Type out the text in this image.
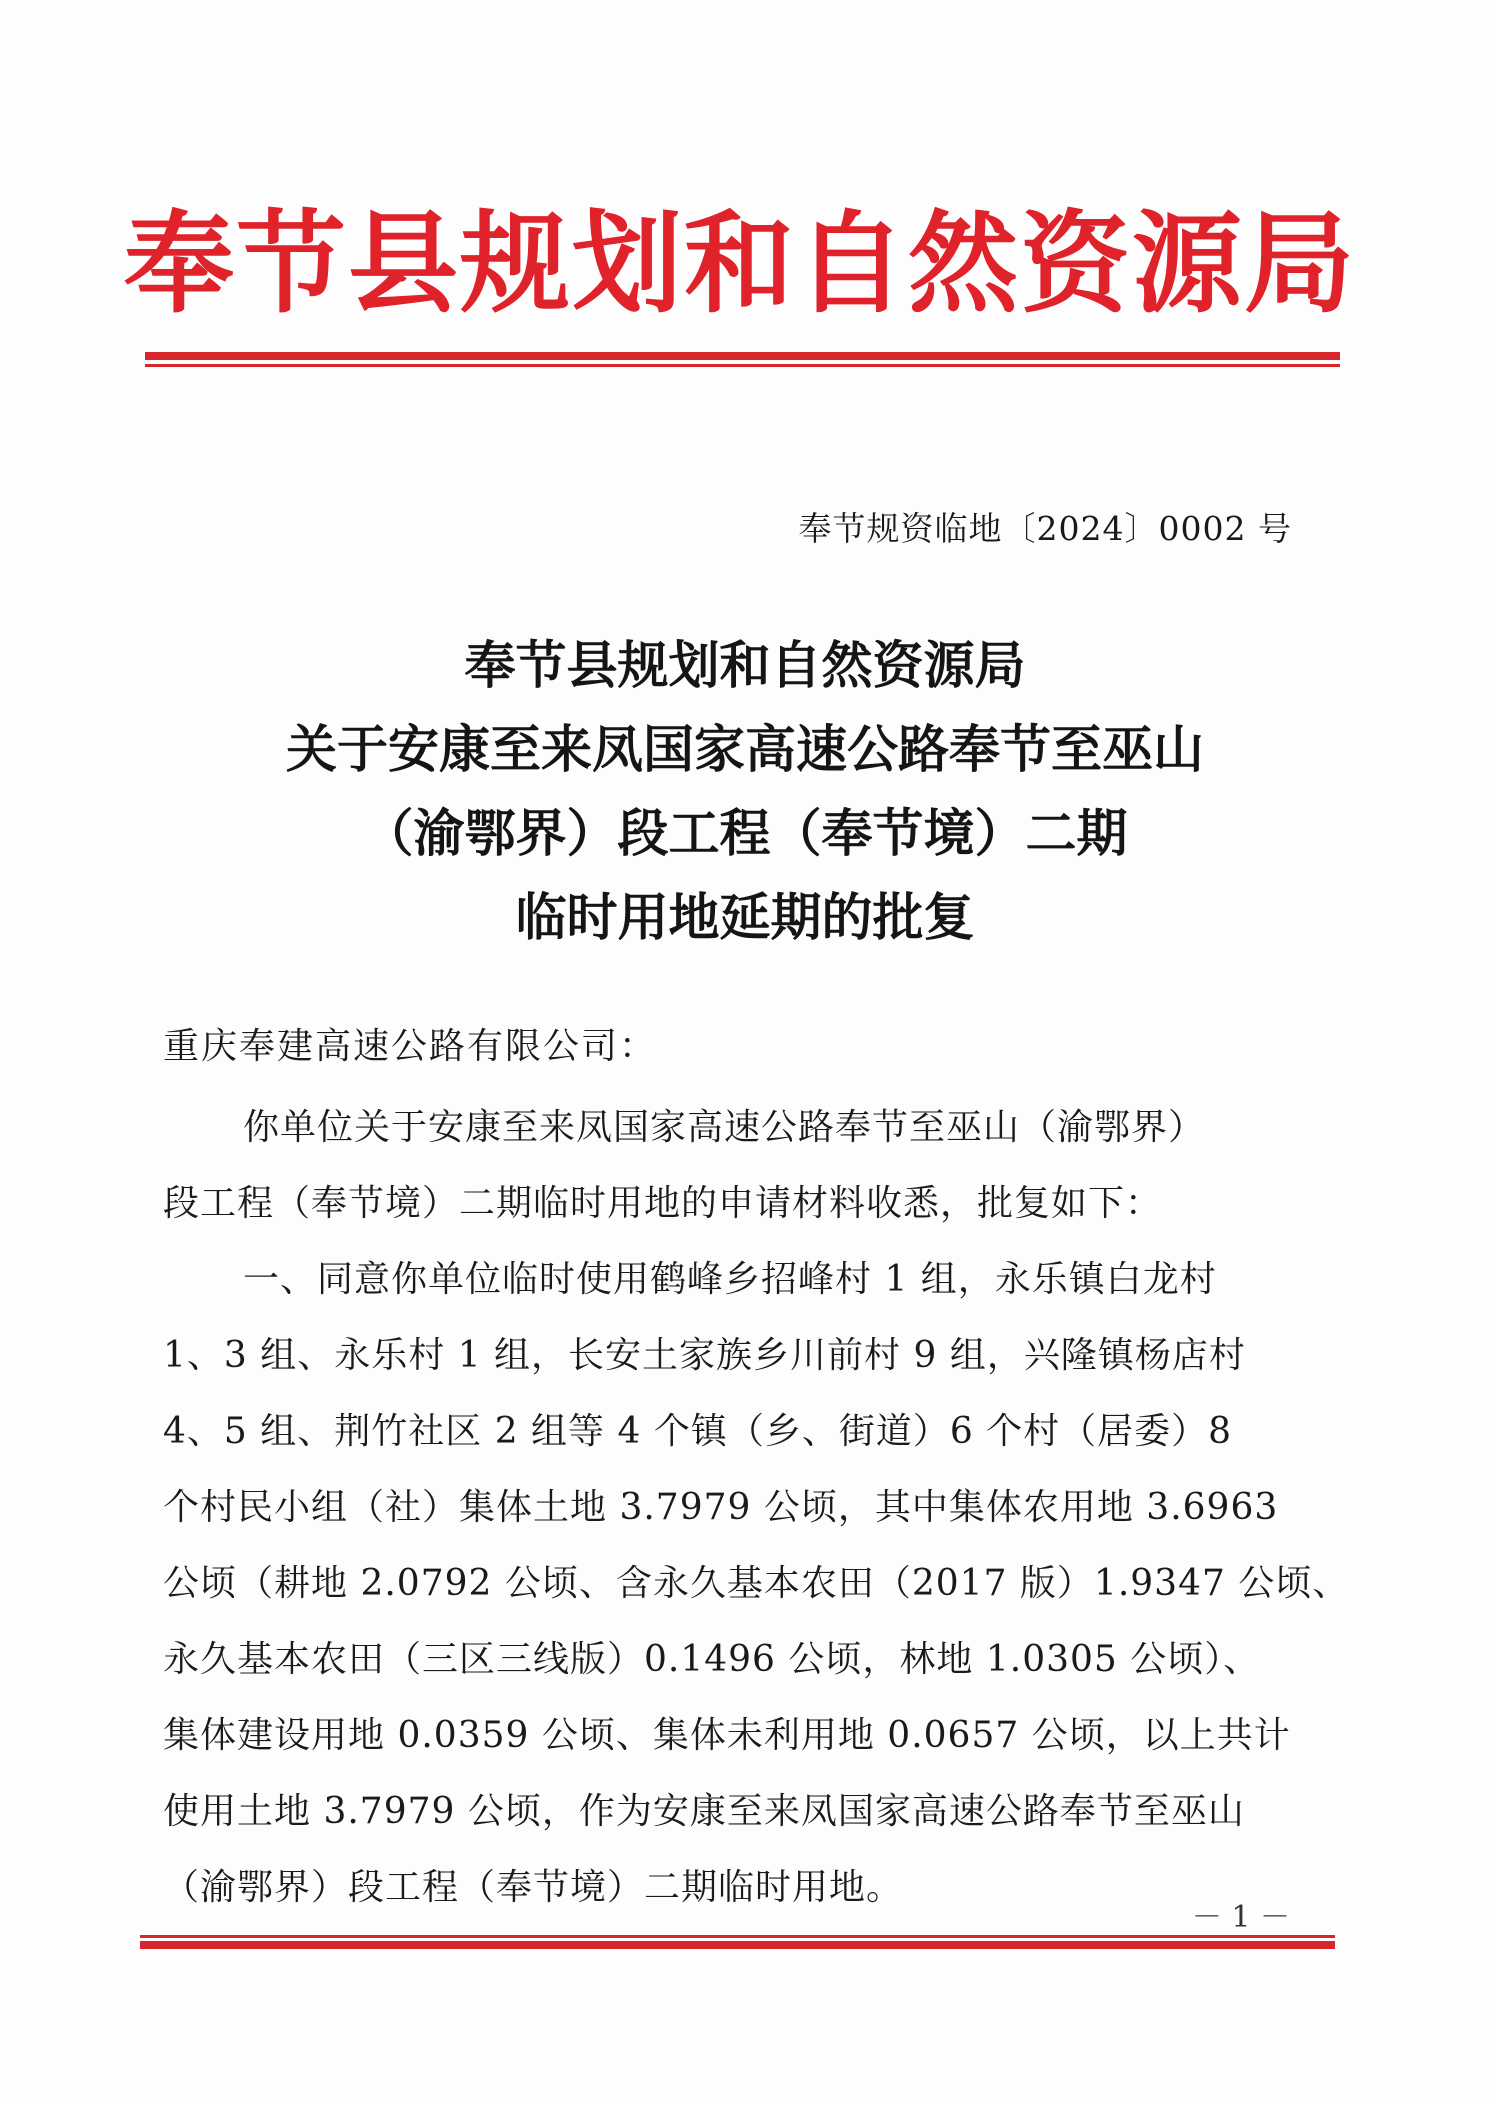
奉节县规划和自然资源局
奉节规资临地〔2024〕0002 号
奉节县规划和自然资源局
关于安康至来凤国家高速公路奉节至巫山
（渝鄂界）段工程（奉节境）二期
临时用地延期的批复
重庆奉建高速公路有限公司：
你单位关于安康至来凤国家高速公路奉节至巫山（渝鄂界）
段工程（奉节境）二期临时用地的申请材料收悉，批复如下：
一、同意你单位临时使用鹤峰乡招峰村 1 组，永乐镇白龙村
1、3 组、永乐村 1 组，长安土家族乡川前村 9 组，兴隆镇杨店村
4、5 组、荆竹社区 2 组等 4 个镇（乡、街道）6 个村（居委）8
个村民小组（社）集体土地 3.7979 公顷，其中集体农用地 3.6963
公顷（耕地 2.0792 公顷、含永久基本农田（2017 版）1.9347 公顷、
永久基本农田（三区三线版）0.1496 公顷，林地 1.0305 公顷）、
集体建设用地 0.0359 公顷、集体未利用地 0.0657 公顷，以上共计
使用土地 3.7979 公顷，作为安康至来凤国家高速公路奉节至巫山
（渝鄂界）段工程（奉节境）二期临时用地。
－ 1 －
